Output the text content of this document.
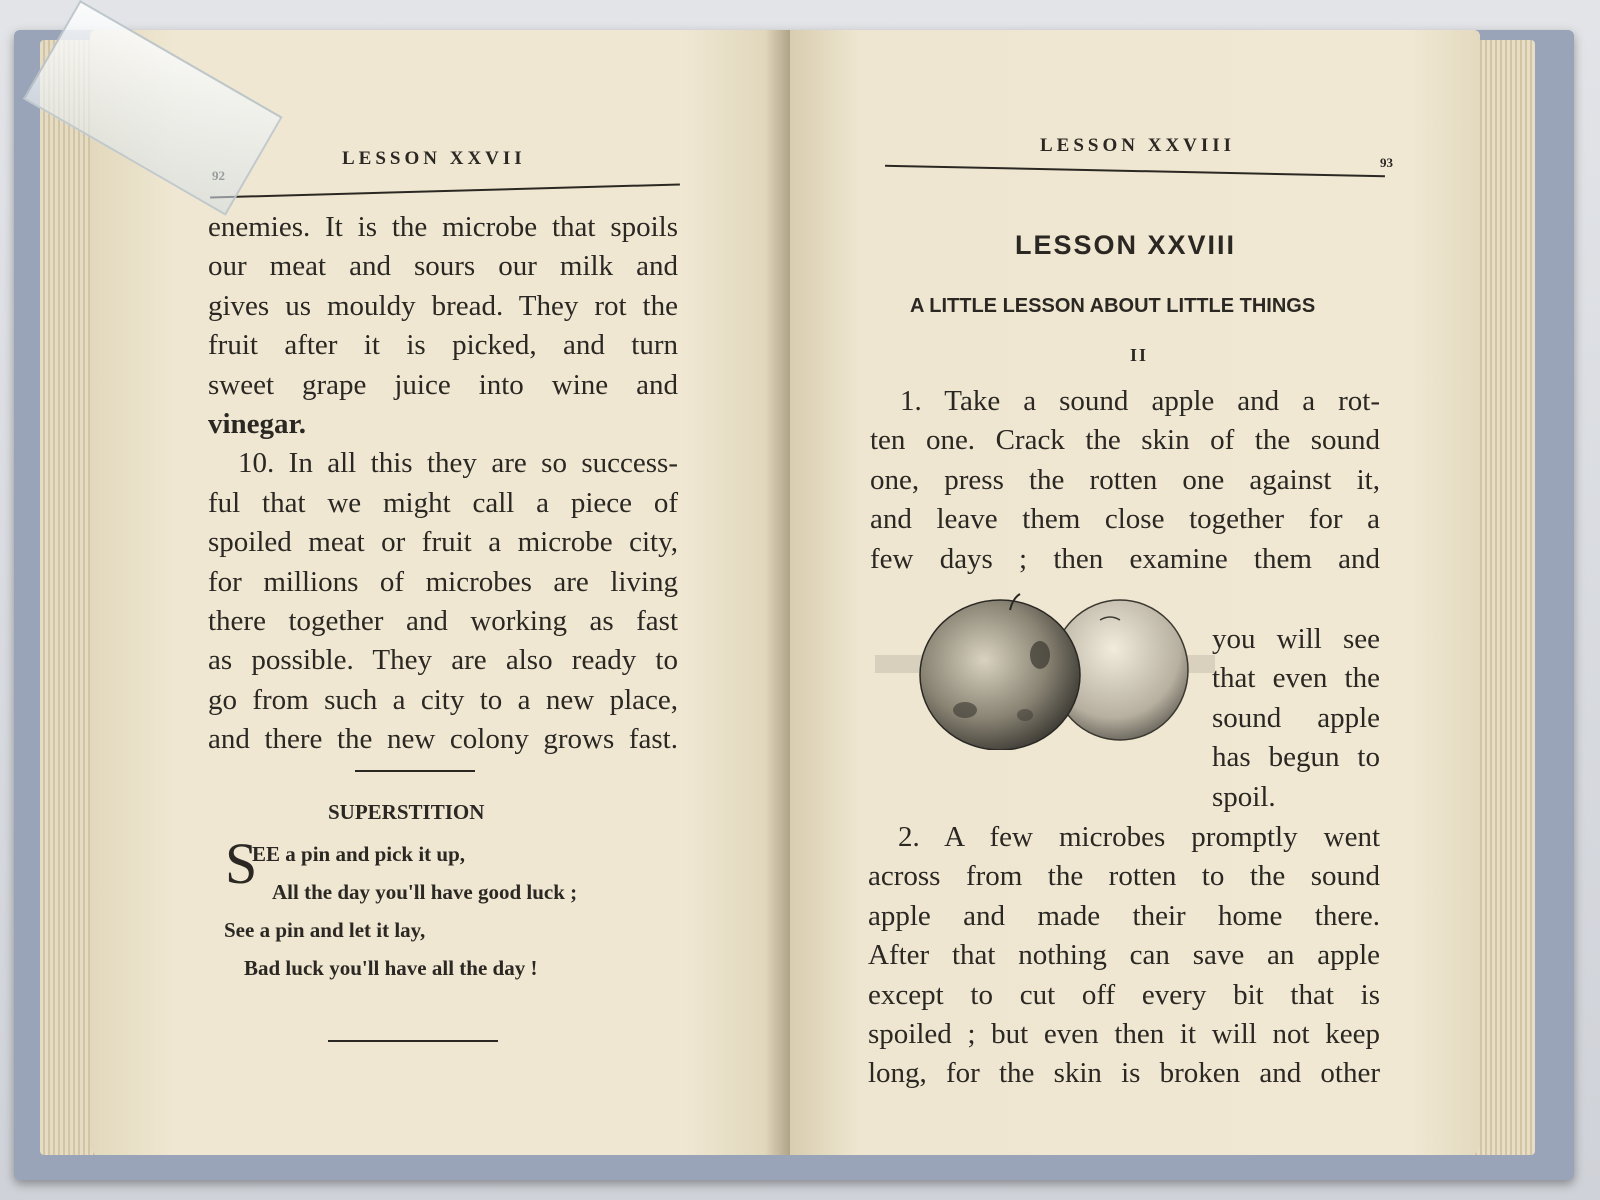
LESSON XXVII
enemies. It is the microbe that spoils
our meat and sours our milk and
gives us mouldy bread. They rot the
fruit after it is picked, and turn
sweet grape juice into wine and
vinegar.
10. In all this they are so success-
ful that we might call a piece of
spoiled meat or fruit a microbe city,
for millions of microbes are living
there together and working as fast
as possible. They are also ready to
go from such a city to a new place,
and there the new colony grows fast.
SUPERSTITION
S
EE a pin and pick it up,
All the day you'll have good luck ;
See a pin and let it lay,
Bad luck you'll have all the day !
LESSON XXVIII
93
LESSON XXVIII
A LITTLE LESSON ABOUT LITTLE THINGS
II
1. Take a sound apple and a rot-
ten one. Crack the skin of the sound
one, press the rotten one against it,
and leave them close together for a
few days ; then examine them and
you will see
that even the
sound apple
has begun to
spoil.
2. A few microbes promptly went
across from the rotten to the sound
apple and made their home there.
After that nothing can save an apple
except to cut off every bit that is
spoiled ; but even then it will not keep
long, for the skin is broken and other
